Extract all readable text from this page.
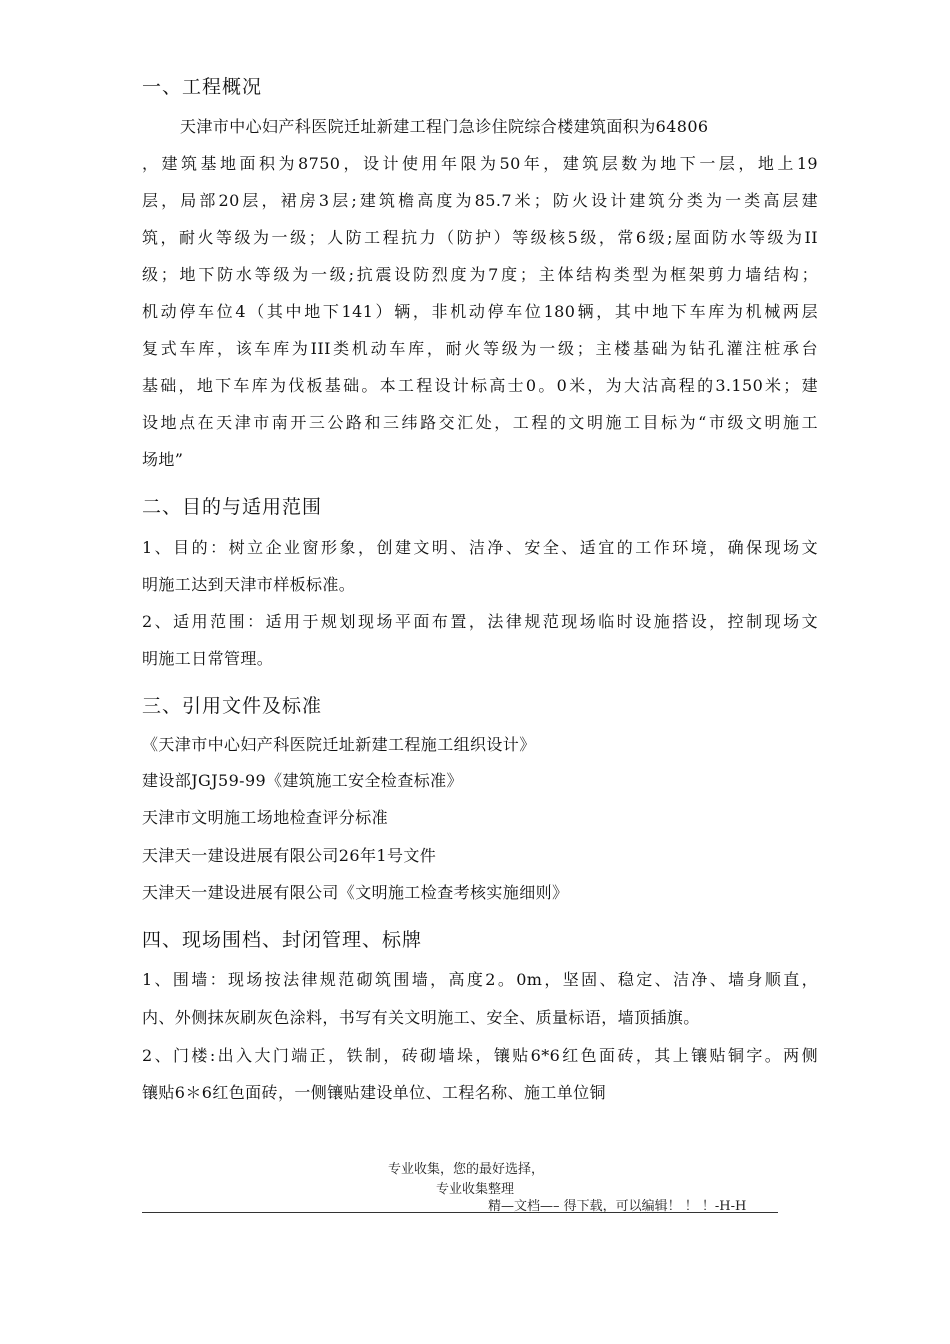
一、工程概况
天津市中心妇产科医院迁址新建工程门急诊住院综合楼建筑面积为64806
，建筑基地面积为8750，设计使用年限为50年，建筑层数为地下一层，地上19
层，局部20层，裙房3层;建筑檐高度为85.7米；防火设计建筑分类为一类高层建
筑，耐火等级为一级；人防工程抗力（防护）等级核5级，常6级;屋面防水等级为II
级；地下防水等级为一级;抗震设防烈度为7度；主体结构类型为框架剪力墙结构；
机动停车位4（其中地下141）辆，非机动停车位180辆，其中地下车库为机械两层
复式车库，该车库为III类机动车库，耐火等级为一级；主楼基础为钻孔灌注桩承台
基础，地下车库为伐板基础。本工程设计标高士0。0米，为大沽高程的3.150米；建
设地点在天津市南开三公路和三纬路交汇处，工程的文明施工目标为“市级文明施工
场地”
二、目的与适用范围
1、目的：树立企业窗形象，创建文明、洁净、安全、适宜的工作环境，确保现场文
明施工达到天津市样板标准。
2、适用范围：适用于规划现场平面布置，法律规范现场临时设施搭设，控制现场文
明施工日常管理。
三、引用文件及标准
《天津市中心妇产科医院迁址新建工程施工组织设计》
建设部JGJ59-99《建筑施工安全检查标准》
天津市文明施工场地检查评分标准
天津天一建设进展有限公司26年1号文件
天津天一建设进展有限公司《文明施工检查考核实施细则》
四、现场围档、封闭管理、标牌
1、围墙：现场按法律规范砌筑围墙，高度2。0m，坚固、稳定、洁净、墙身顺直，
内、外侧抹灰刷灰色涂料，书写有关文明施工、安全、质量标语，墙顶插旗。
2、门楼:出入大门端正，铁制，砖砌墙垛，镶贴6*6红色面砖，其上镶贴铜字。两侧
镶贴6＊6红色面砖，一侧镶贴建设单位、工程名称、施工单位铜
专业收集，您的最好选择，
专业收集整理
精—文档—– 得下载，可以编辑！ ！ ！-H-H
